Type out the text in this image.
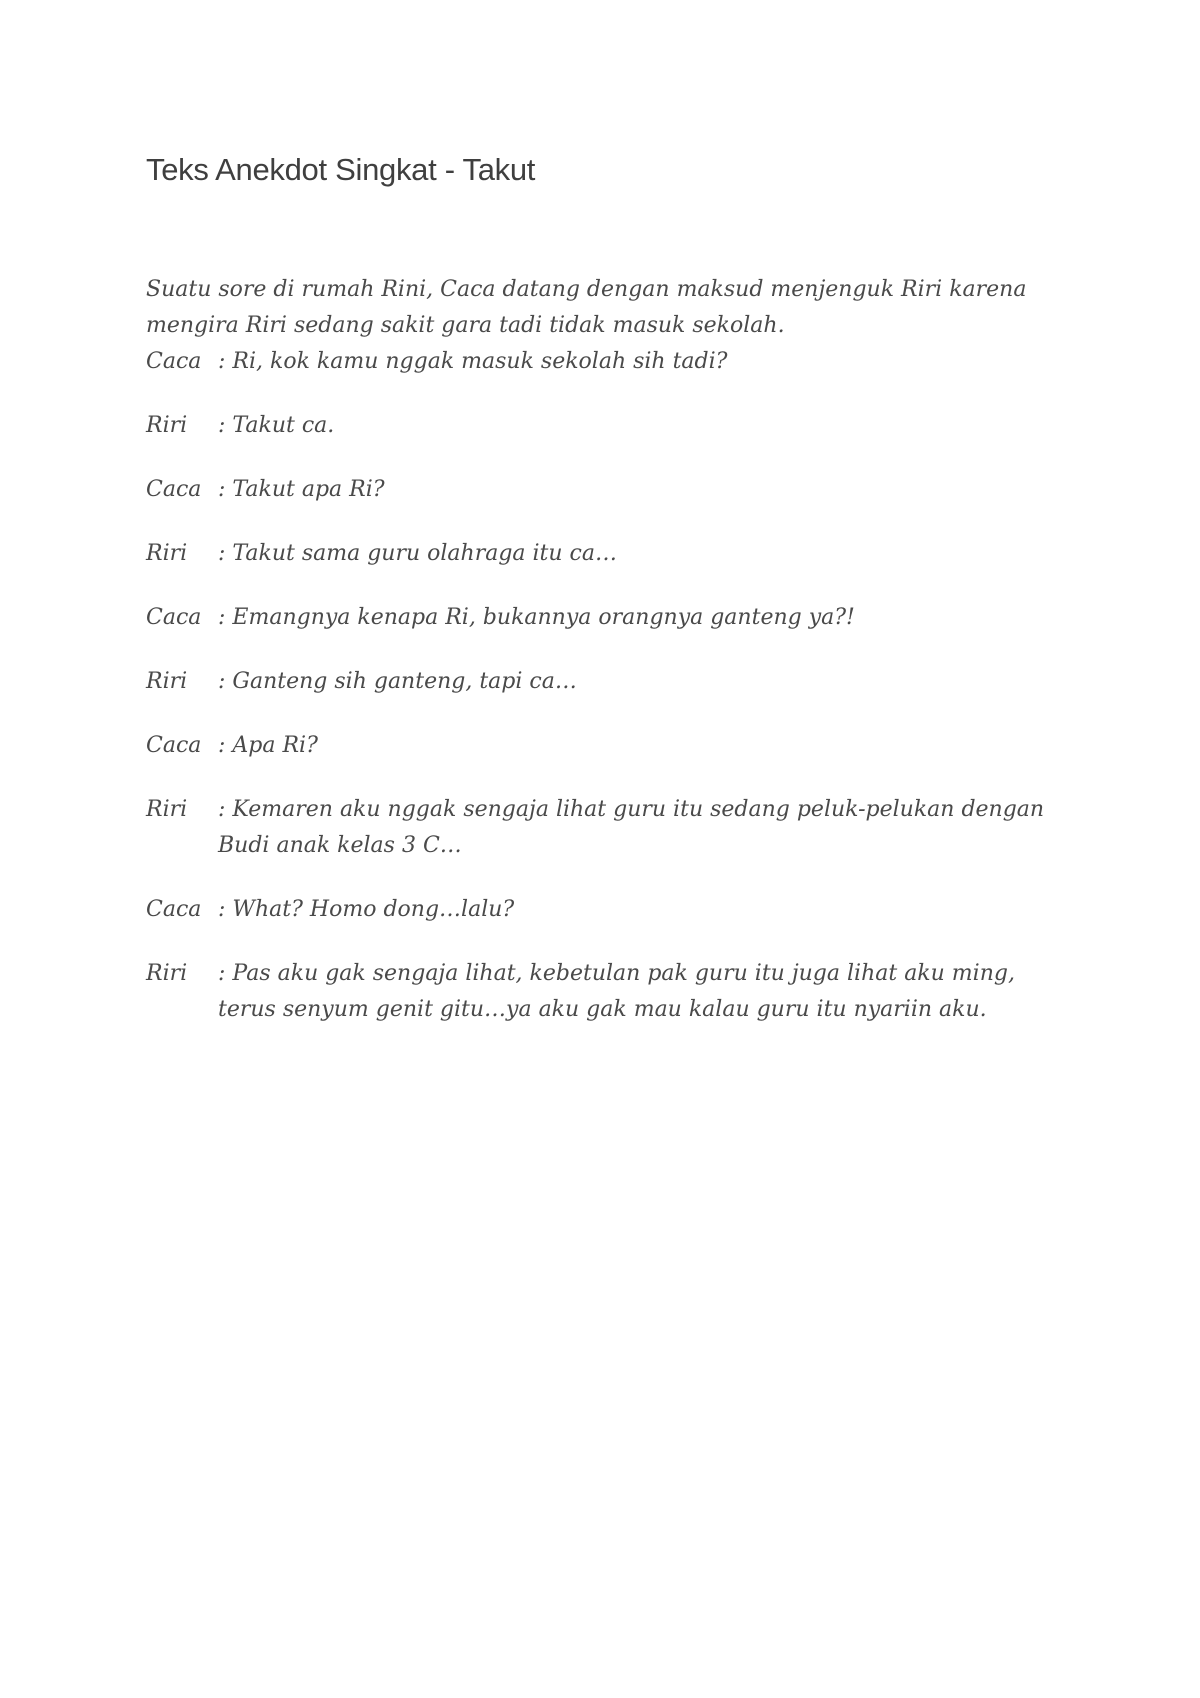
Teks Anekdot Singkat - Takut

Suatu sore di rumah Rini, Caca datang dengan maksud menjenguk Riri karena mengira Riri sedang sakit gara tadi tidak masuk sekolah.

Caca : Ri, kok kamu nggak masuk sekolah sih tadi?
Riri	: Takut ca.
Caca : Takut apa Ri?
Riri	: Takut sama guru olahraga itu ca…
Caca : Emangnya kenapa Ri, bukannya orangnya ganteng ya?!
Riri	: Ganteng sih ganteng, tapi ca…
Caca : Apa Ri?
Riri	: Kemaren aku nggak sengaja lihat guru itu sedang peluk-pelukan dengan Budi anak kelas 3 C…
Caca : What? Homo dong…lalu?
Riri	: Pas aku gak sengaja lihat, kebetulan pak guru itu juga lihat aku ming, terus senyum genit gitu…ya aku gak mau kalau guru itu nyariin aku.
